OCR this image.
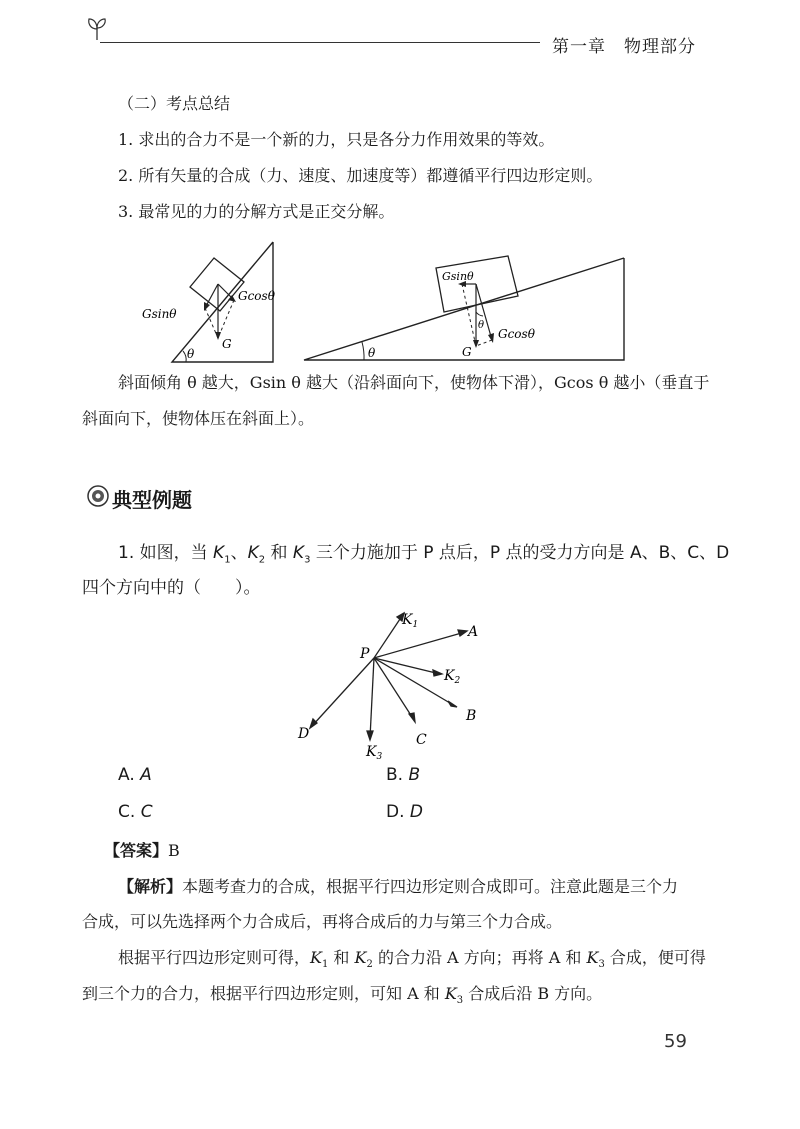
第一章　物理部分
（二）考点总结
1. 求出的合力不是一个新的力，只是各分力作用效果的等效。
2. 所有矢量的合成（力、速度、加速度等）都遵循平行四边形定则。
3. 最常见的力的分解方式是正交分解。
Gsinθ
Gcosθ
G
θ
Gsinθ
Gcosθ
G
θ
θ
斜面倾角 θ 越大，Gsin θ 越大（沿斜面向下，使物体下滑），Gcos θ 越小（垂直于
斜面向下，使物体压在斜面上）。
典型例题
1. 如图，当 $K_1$、$K_2$ 和 $K_3$ 三个力施加于 P 点后，P 点的受力方向是 A、B、C、D
四个方向中的（　　）。
P
$K_1$	A
$K_2$
B
C
$K_3$
D
A. A	B. B
C. C	D. D
【答案】B
【解析】本题考查力的合成，根据平行四边形定则合成即可。注意此题是三个力
合成，可以先选择两个力合成后，再将合成后的力与第三个力合成。
根据平行四边形定则可得，$K_1$ 和 $K_2$ 的合力沿 A 方向；再将 A 和 $K_3$ 合成，便可得
到三个力的合力，根据平行四边形定则，可知 A 和 $K_3$ 合成后沿 B 方向。
59
